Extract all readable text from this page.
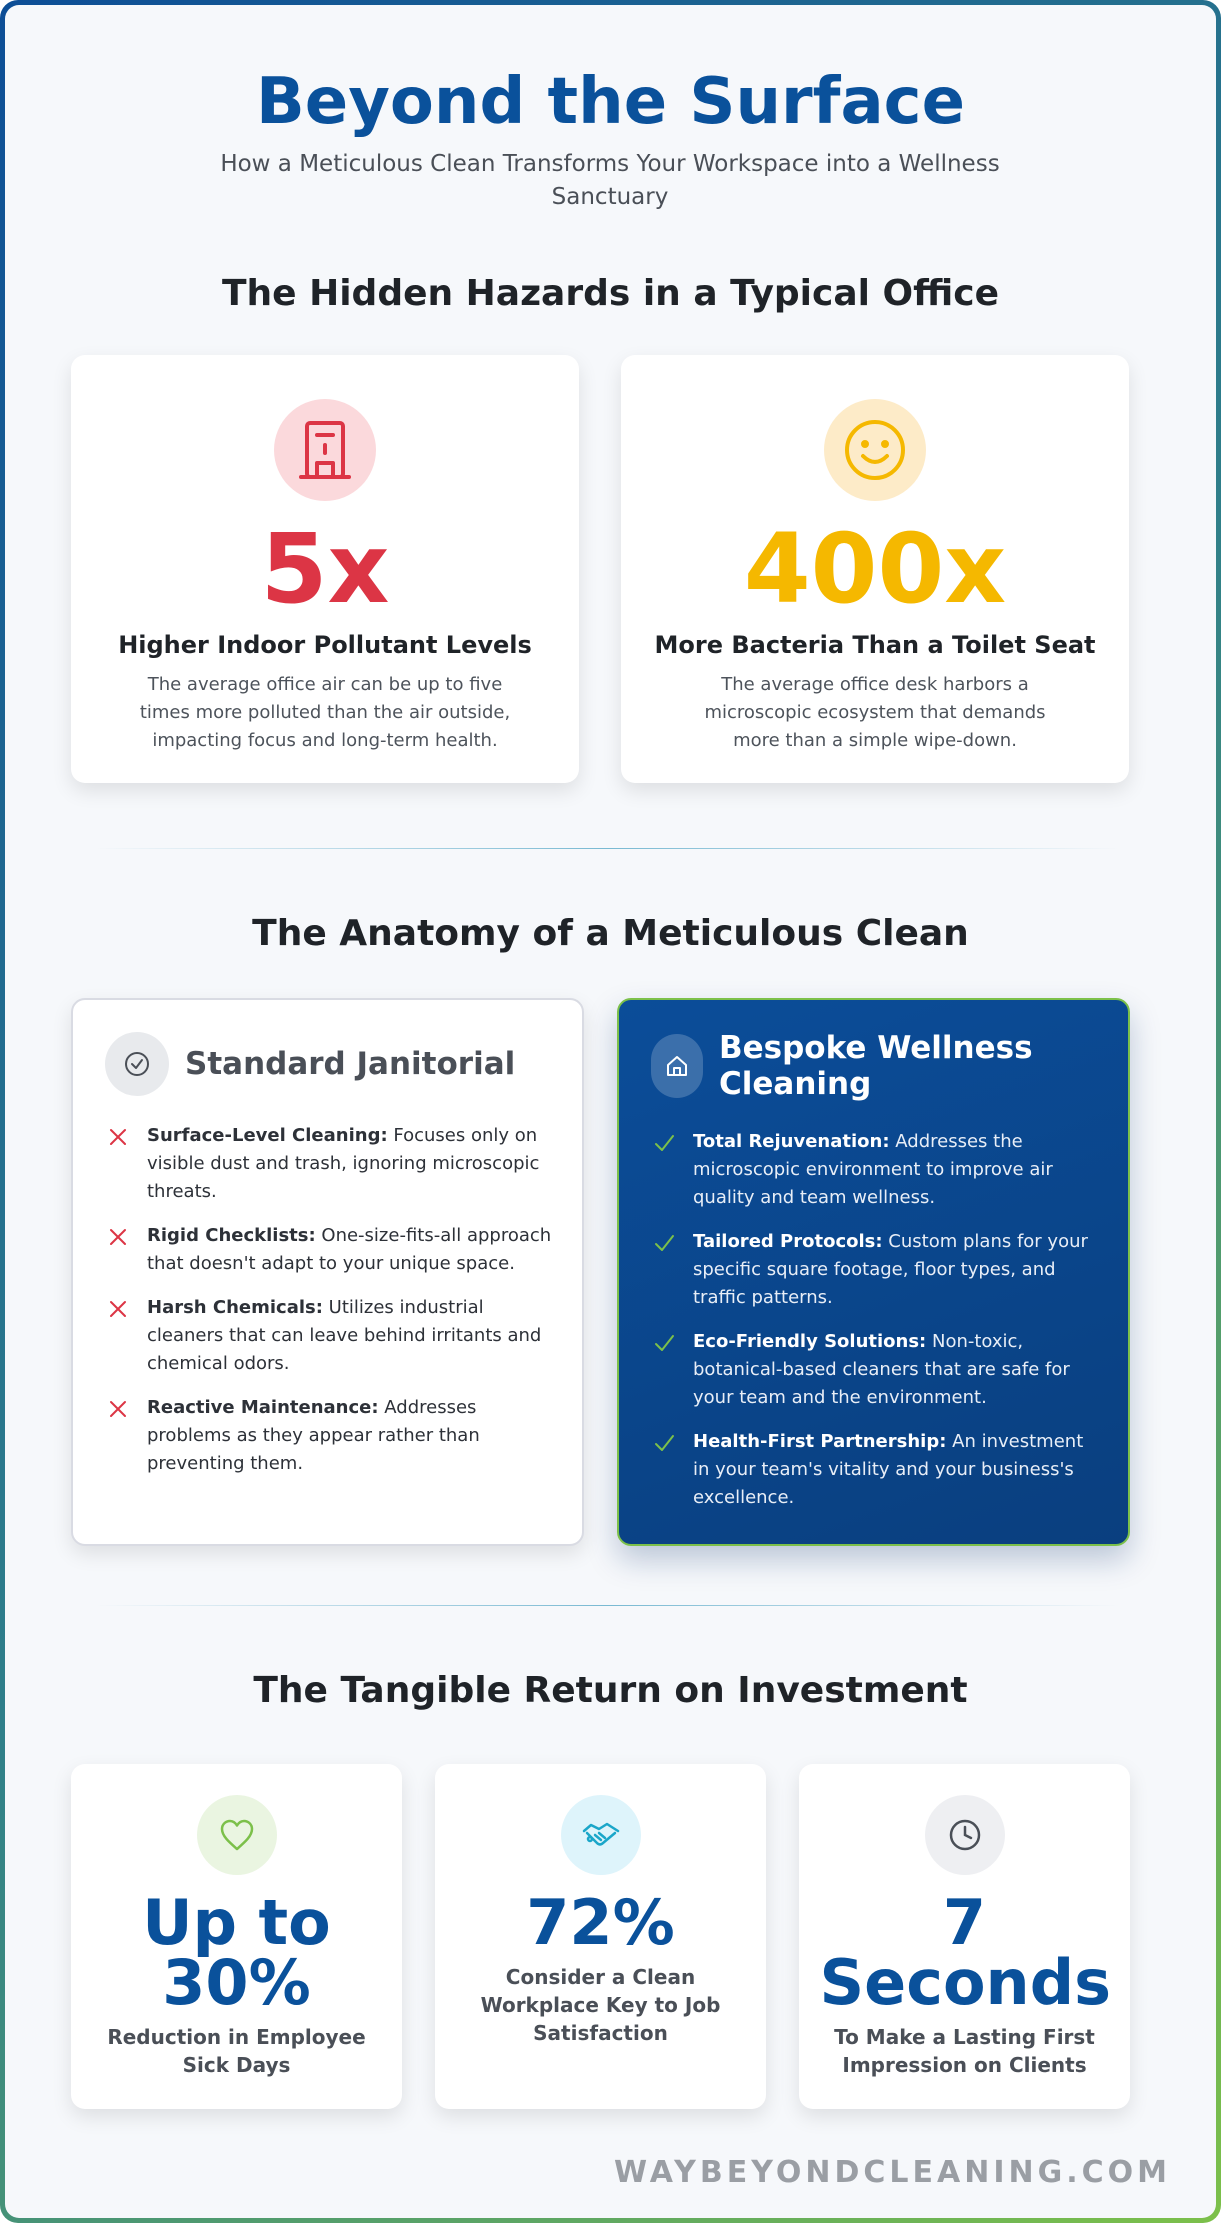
Beyond the Surface

How a Meticulous Clean Transforms Your Workspace into a Wellness Sanctuary

The Hidden Hazards in a Typical Office
5x
Higher Indoor Pollutant Levels
The average office air can be up to five times more polluted than the air outside, impacting focus and long-term health.
400x
More Bacteria Than a Toilet Seat
The average office desk harbors a microscopic ecosystem that demands more than a simple wipe-down.
The Anatomy of a Meticulous Clean
Standard Janitorial
Surface-Level Cleaning: Focuses only on visible dust and trash, ignoring microscopic threats.
Rigid Checklists: One-size-fits-all approach that doesn't adapt to your unique space.
Harsh Chemicals: Utilizes industrial cleaners that can leave behind irritants and chemical odors.
Reactive Maintenance: Addresses problems as they appear rather than preventing them.
Bespoke Wellness Cleaning
Total Rejuvenation: Addresses the microscopic environment to improve air quality and team wellness.
Tailored Protocols: Custom plans for your specific square footage, floor types, and traffic patterns.
Eco-Friendly Solutions: Non-toxic, botanical-based cleaners that are safe for your team and the environment.
Health-First Partnership: An investment in your team's vitality and your business's excellence.
The Tangible Return on Investment
Up to 30%
Reduction in Employee Sick Days
72%
Consider a Clean Workplace Key to Job Satisfaction
7 Seconds
To Make a Lasting First Impression on Clients
WAYBEYONDCLEANING.COM
